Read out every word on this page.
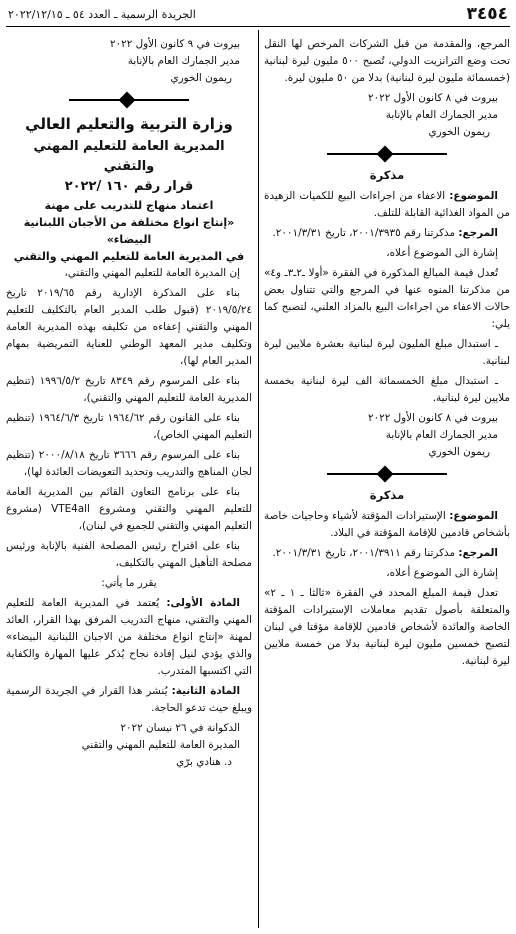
٣٤٥٤
الجريدة الرسمية ـ العدد ٥٤ ـ ٢٠٢٢/١٢/١٥

المرجع، والمقدمة من قبل الشركات المرخص لها النقل تحت وضع الترانزيت الدولي، تُصبح ٥٠٠ مليون ليرة لبنانية (خمسمائة مليون ليرة لبنانية) بدلا من ٥٠ مليون ليرة.

بيروت في ٨ كانون الأول ٢٠٢٢

مدير الجمارك العام بالإنابة

ريمون الخوري

مذكرة

الموضوع: الاعفاء من اجراءات البيع للكميات الزهيدة من المواد الغذائية القابلة للتلف.

المرجع: مذكرتنا رقم ٢٠٠١/٣٩٣٥، تاريخ ٢٠٠١/٣/٣١.

إشارة الى الموضوع أعلاه،

تُعدل قيمة المبالغ المذكورة في الفقرة «أولا ـ٢ـ٣ـ و٤» من مذكرتنا المنوه عنها في المرجع والتي تتناول بعض حالات الاعفاء من اجراءات البيع بالمزاد العلني، لتصبح كما يلي:

ـ استبدال مبلغ المليون ليرة لبنانية بعشرة ملايين ليرة لبنانية.

ـ استبدال مبلغ الخمسمائة الف ليرة لبنانية بخمسة ملايين ليرة لبنانية.

بيروت في ٨ كانون الأول ٢٠٢٢

مدير الجمارك العام بالإنابة

ريمون الخوري

مذكرة

الموضوع: الإستيرادات المؤقتة لأشياء وحاجيات خاصة بأشخاص قادمين للإقامة المؤقتة في البلاد.

المرجع: مذكرتنا رقم ٢٠٠١/٣٩١١، تاريخ ٢٠٠١/٣/٣١.

إشارة الى الموضوع أعلاه،

تعدل قيمة المبلغ المحدد في الفقرة «ثالثا ـ ١ ـ ٢» والمتعلقة بأصول تقديم معاملات الإستيرادات المؤقتة الخاصة والعائدة لأشخاص قادمين للإقامة مؤقتا في لبنان لتصبح خمسين مليون ليرة لبنانية بدلا من خمسة ملايين ليرة لبنانية.

بيروت في ٩ كانون الأول ٢٠٢٢

مدير الجمارك العام بالإنابة

ريمون الخوري

وزارة التربية والتعليم العالي

المديرية العامة للتعليم المهني والتقني

قرار رقم ١٦٠ /٢٠٢٢

اعتماد منهاج للتدريب على مهنة

«إنتاج انواع مختلفة من الأجبان اللبنانية البيضاء»

في المديرية العامة للتعليم المهني والتقني

إن المديرة العامة للتعليم المهني والتقني،

بناء على المذكرة الإدارية رقم ٢٠١٩/٦٥ تاريخ ٢٠١٩/٥/٢٤ (قبول طلب المدير العام بالتكليف للتعليم المهني والتقني إعفاءه من تكليفه بهذه المديرية العامة وتكليف مدير المعهد الوطني للعناية التمريضية بمهام المدير العام لها)،

بناء على المرسوم رقم ٨٣٤٩ تاريخ ١٩٩٦/٥/٢ (تنظيم المديرية العامة للتعليم المهني والتقني)،

بناء على القانون رقم ١٩٦٤/٦٢ تاريخ ١٩٦٤/٦/٣ (تنظيم التعليم المهني الخاص)،

بناء على المرسوم رقم ٣٦٦٦ تاريخ ٢٠٠٠/٨/١٨ (تنظيم لجان المناهج والتدريب وتحديد التعويضات العائدة لها)،

بناء على برنامج التعاون القائم بين المديرية العامة للتعليم المهني والتقني ومشروع VTE4all (مشروع التعليم المهني والتقني للجميع في لبنان)،

بناء على اقتراح رئيس المصلحة الفنية بالإنابة ورئيس مصلحة التأهيل المهني بالتكليف،

يقرر ما يأتي:

المادة الأولى: يُعتمد في المديرية العامة للتعليم المهني والتقني، منهاج التدريب المرفق بهذا القرار، العائد لمهنة «إنتاج انواع مختلفة من الاجبان اللبنانية البيضاء» والذي يؤدي لنيل إفادة نجاح يُذكر عليها المهارة والكفاية التي اكتسبها المتدرب.

المادة الثانية: يُنشر هذا القرار في الجريدة الرسمية ويبلغ حيث تدعو الحاجة.

الدكوانة في ٢٦ نيسان ٢٠٢٢

المديرة العامة للتعليم المهني والتقني

د. هنادي برّي
